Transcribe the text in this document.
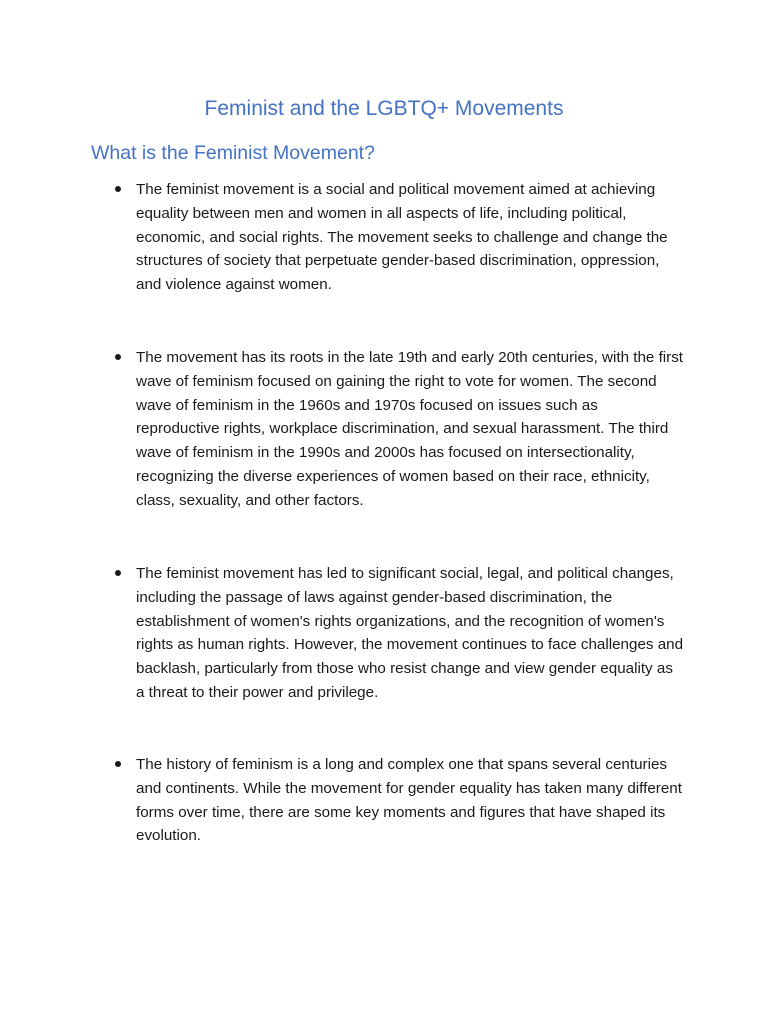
Feminist and the LGBTQ+ Movements
What is the Feminist Movement?

The feminist movement is a social and political movement aimed at achieving equality between men and women in all aspects of life, including political, economic, and social rights. The movement seeks to challenge and change the structures of society that perpetuate gender-based discrimination, oppression, and violence against women.

The movement has its roots in the late 19th and early 20th centuries, with the first wave of feminism focused on gaining the right to vote for women. The second wave of feminism in the 1960s and 1970s focused on issues such as reproductive rights, workplace discrimination, and sexual harassment. The third wave of feminism in the 1990s and 2000s has focused on intersectionality, recognizing the diverse experiences of women based on their race, ethnicity, class, sexuality, and other factors.

The feminist movement has led to significant social, legal, and political changes, including the passage of laws against gender-based discrimination, the establishment of women's rights organizations, and the recognition of women's rights as human rights. However, the movement continues to face challenges and backlash, particularly from those who resist change and view gender equality as a threat to their power and privilege.

The history of feminism is a long and complex one that spans several centuries and continents. While the movement for gender equality has taken many different forms over time, there are some key moments and figures that have shaped its evolution.
